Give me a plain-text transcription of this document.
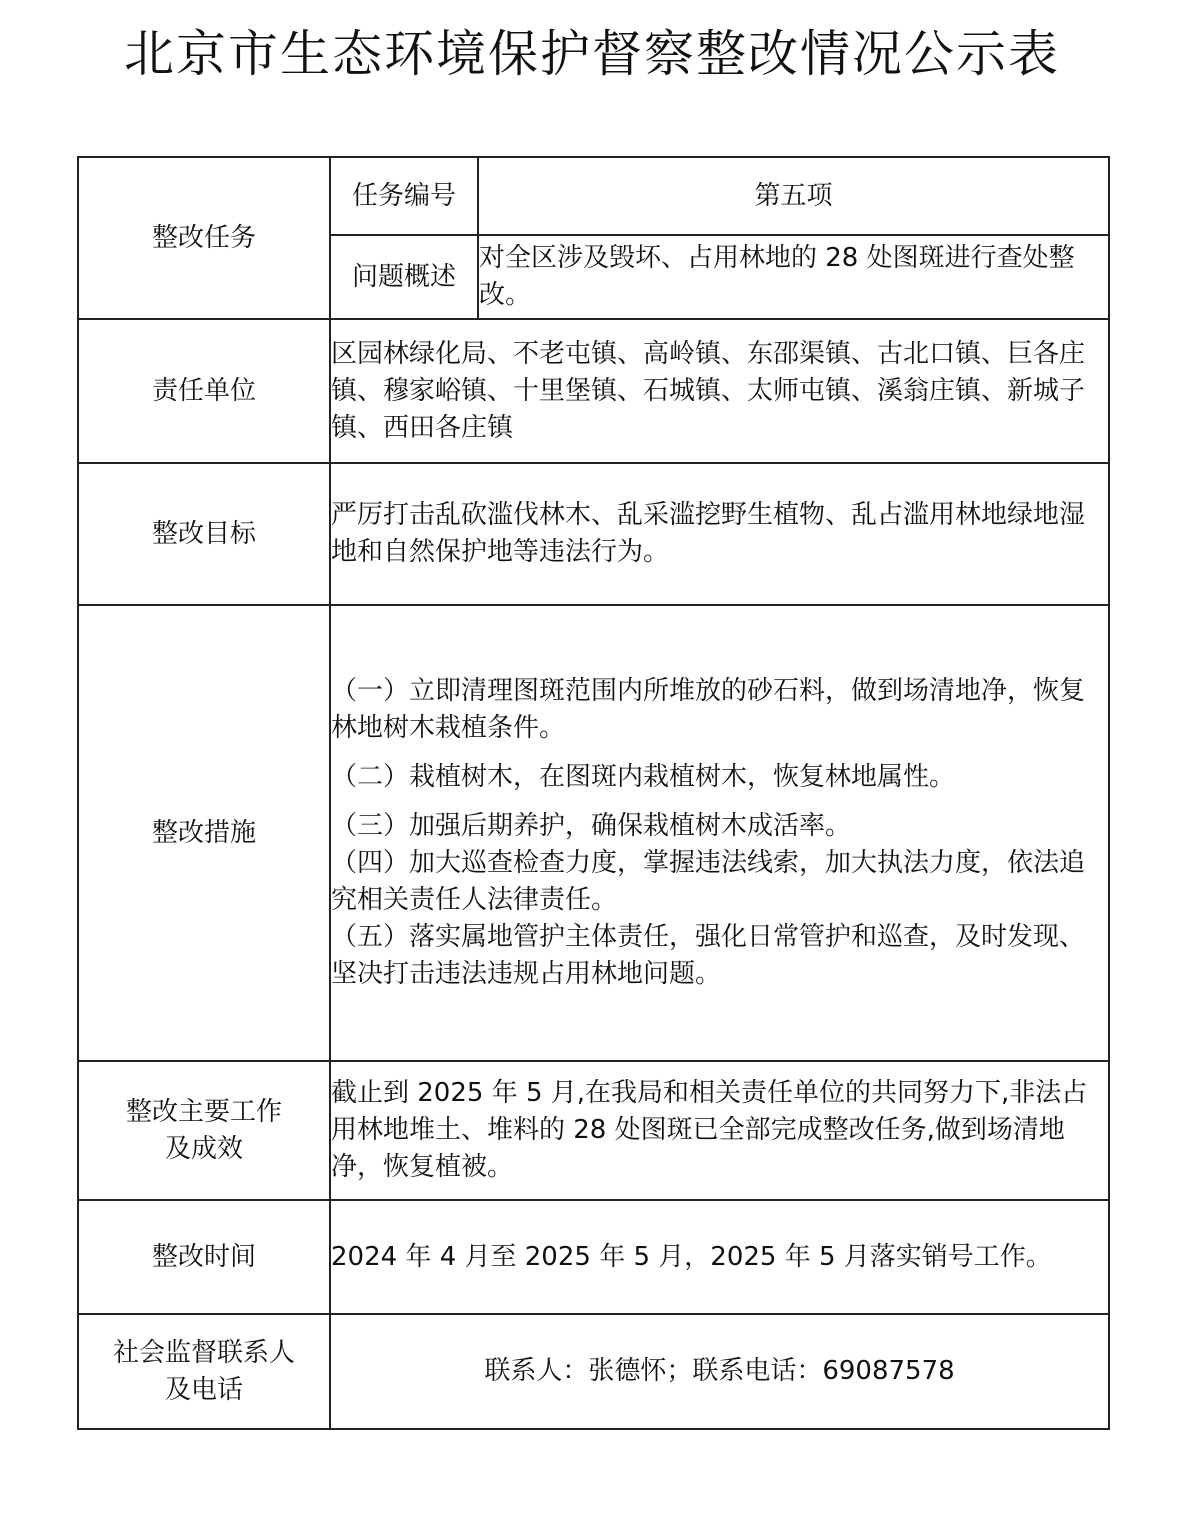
北京市生态环境保护督察整改情况公示表
整改任务	任务编号	第五项
	问题概述	对全区涉及毁坏、占用林地的 28 处图斑进行查处整改。
责任单位	区园林绿化局、不老屯镇、高岭镇、东邵渠镇、古北口镇、巨各庄镇、穆家峪镇、十里堡镇、石城镇、太师屯镇、溪翁庄镇、新城子镇、西田各庄镇	
整改目标	严厉打击乱砍滥伐林木、乱采滥挖野生植物、乱占滥用林地绿地湿地和自然保护地等违法行为。	
整改措施	（一）立即清理图斑范围内所堆放的砂石料，做到场清地净，恢复林地树木栽植条件。
（二）栽植树木，在图斑内栽植树木，恢复林地属性。
（三）加强后期养护，确保栽植树木成活率。
（四）加大巡查检查力度，掌握违法线索，加大执法力度，依法追究相关责任人法律责任。
（五）落实属地管护主体责任，强化日常管护和巡查，及时发现、坚决打击违法违规占用林地问题。	

整改主要工作
及成效	截止到 2025 年 5 月,在我局和相关责任单位的共同努力下,非法占用林地堆土、堆料的 28 处图斑已全部完成整改任务,做到场清地净，恢复植被。	
整改时间	2024 年 4 月至 2025 年 5 月，2025 年 5 月落实销号工作。	

社会监督联系人
及电话	联系人：张德怀；联系电话：69087578	
